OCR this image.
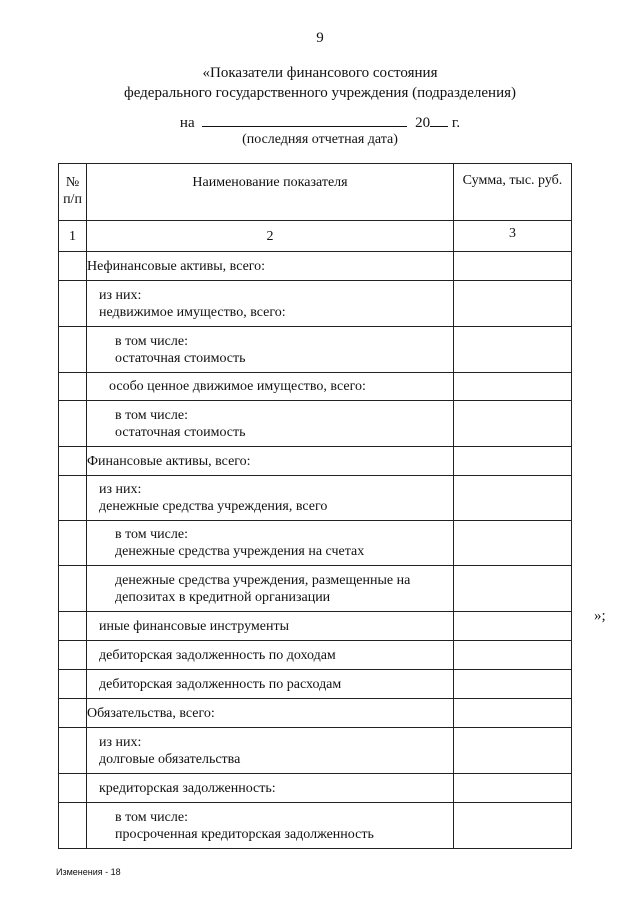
9
«Показатели финансового состояния
федерального государственного учреждения (подразделения)
на	20 г.
(последняя отчетная дата)
№ п/п	Наименование показателя	Сумма, тыс. руб.
1	2	3

	Нефинансовые активы, всего:	

	из них:
недвижимое имущество, всего:	

	в том числе:
остаточная стоимость	

	особо ценное движимое имущество, всего:	

	в том числе:
остаточная стоимость	

	Финансовые активы, всего:	

	из них:
денежные средства учреждения, всего	

	в том числе:
денежные средства учреждения на счетах	

	денежные средства учреждения, размещенные на
депозитах в кредитной организации	

	иные финансовые инструменты	

	дебиторская задолженность по доходам	

	дебиторская задолженность по расходам	

	Обязательства, всего:	

	из них:
долговые обязательства	

	кредиторская задолженность:	

	в том числе:
просроченная кредиторская задолженность	

»;
Изменения - 18
